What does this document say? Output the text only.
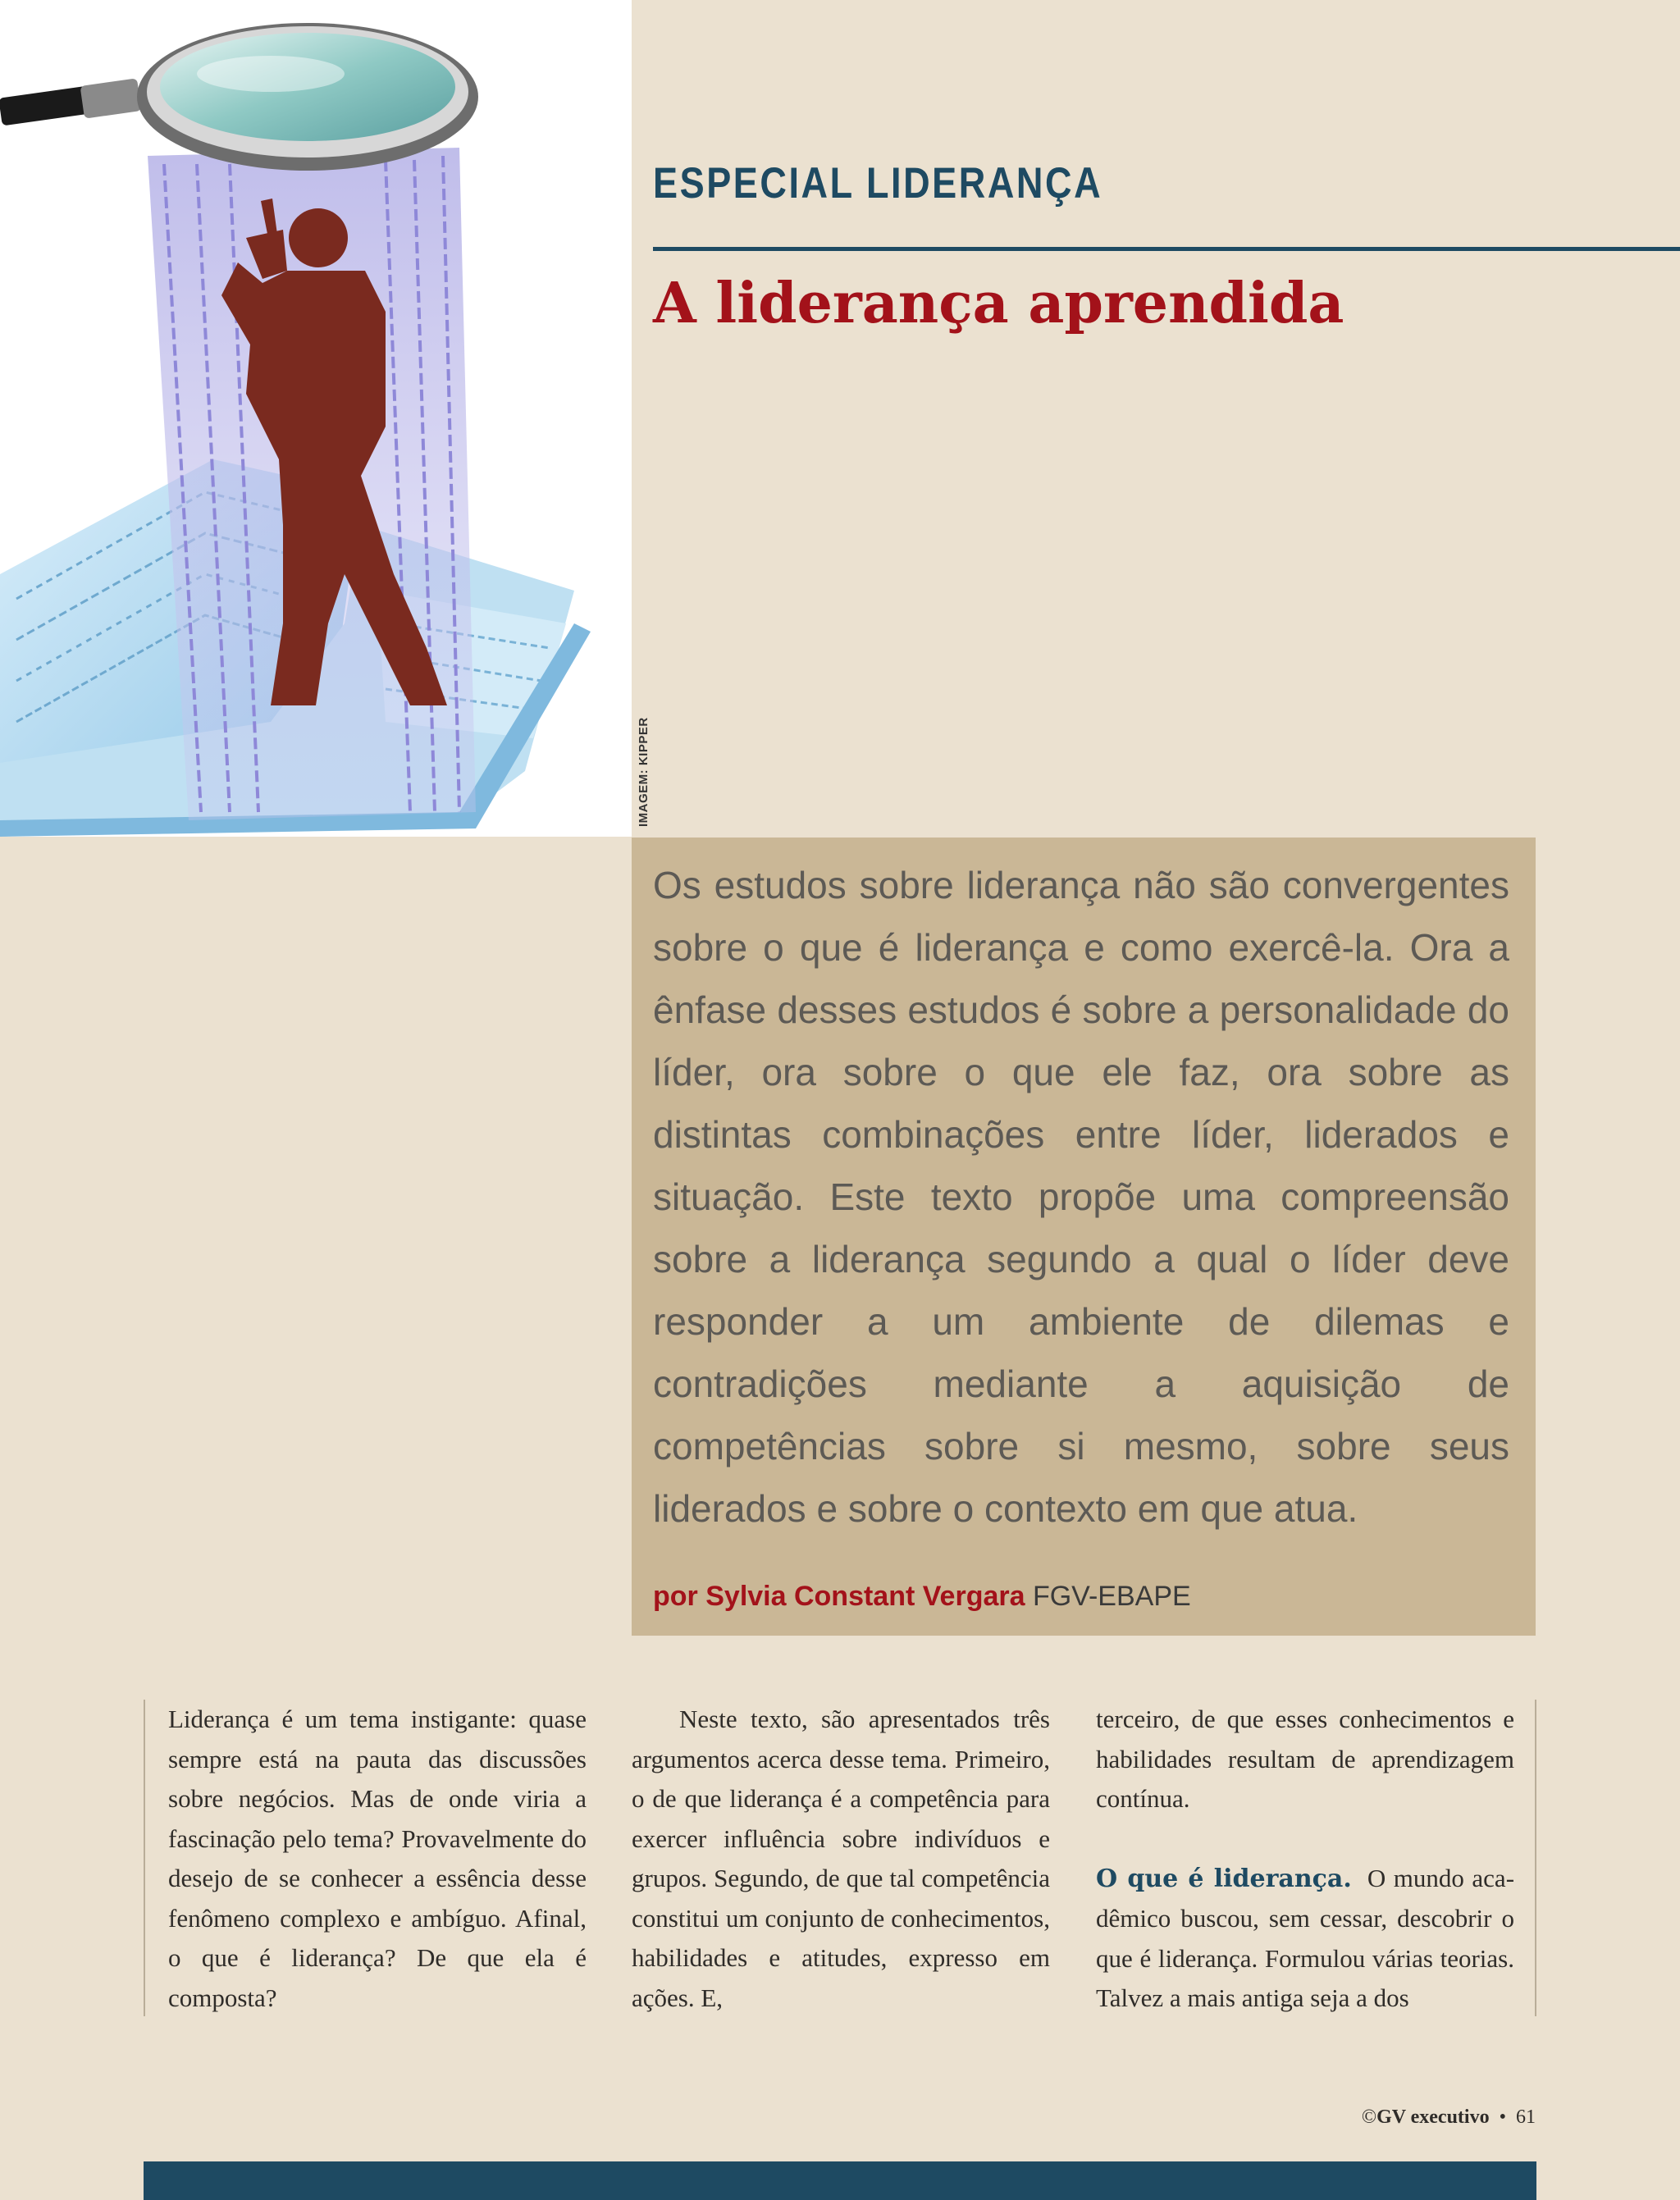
IMAGEM: KIPPER
ESPECIAL LIDERANÇA
A liderança aprendida
Os estudos sobre liderança não são convergentes sobre o que é liderança e como exercê-la. Ora a ênfase desses estudos é sobre a personalidade do líder, ora sobre o que ele faz, ora sobre as distintas combinações entre líder, liderados e situação. Este texto propõe uma compreensão sobre a liderança segundo a qual o líder deve responder a um ambiente de dilemas e contradições mediante a aquisição de competências sobre si mesmo, sobre seus liderados e sobre o contexto em que atua.
por Sylvia Constant Vergara FGV-EBAPE
Liderança é um tema instigante: quase sempre está na pauta das discussões sobre negócios. Mas de onde viria a fascinação pelo tema? Provavelmente do desejo de se conhecer a essência desse fenômeno complexo e ambíguo. Afinal, o que é liderança? De que ela é composta?
Neste texto, são apresentados três argumentos acerca desse tema. Primeiro, o de que liderança é a competência para exercer influência sobre indivíduos e grupos. Segundo, de que tal competência constitui um conjunto de conhecimentos, habilidades e atitudes, expresso em ações. E,
terceiro, de que esses conhecimentos e habilidades resultam de aprendizagem contínua.
O que é liderança. O mundo acadêmico buscou, sem cessar, descobrir o que é liderança. Formulou várias teorias. Talvez a mais antiga seja a dos
©GV executivo • 61
